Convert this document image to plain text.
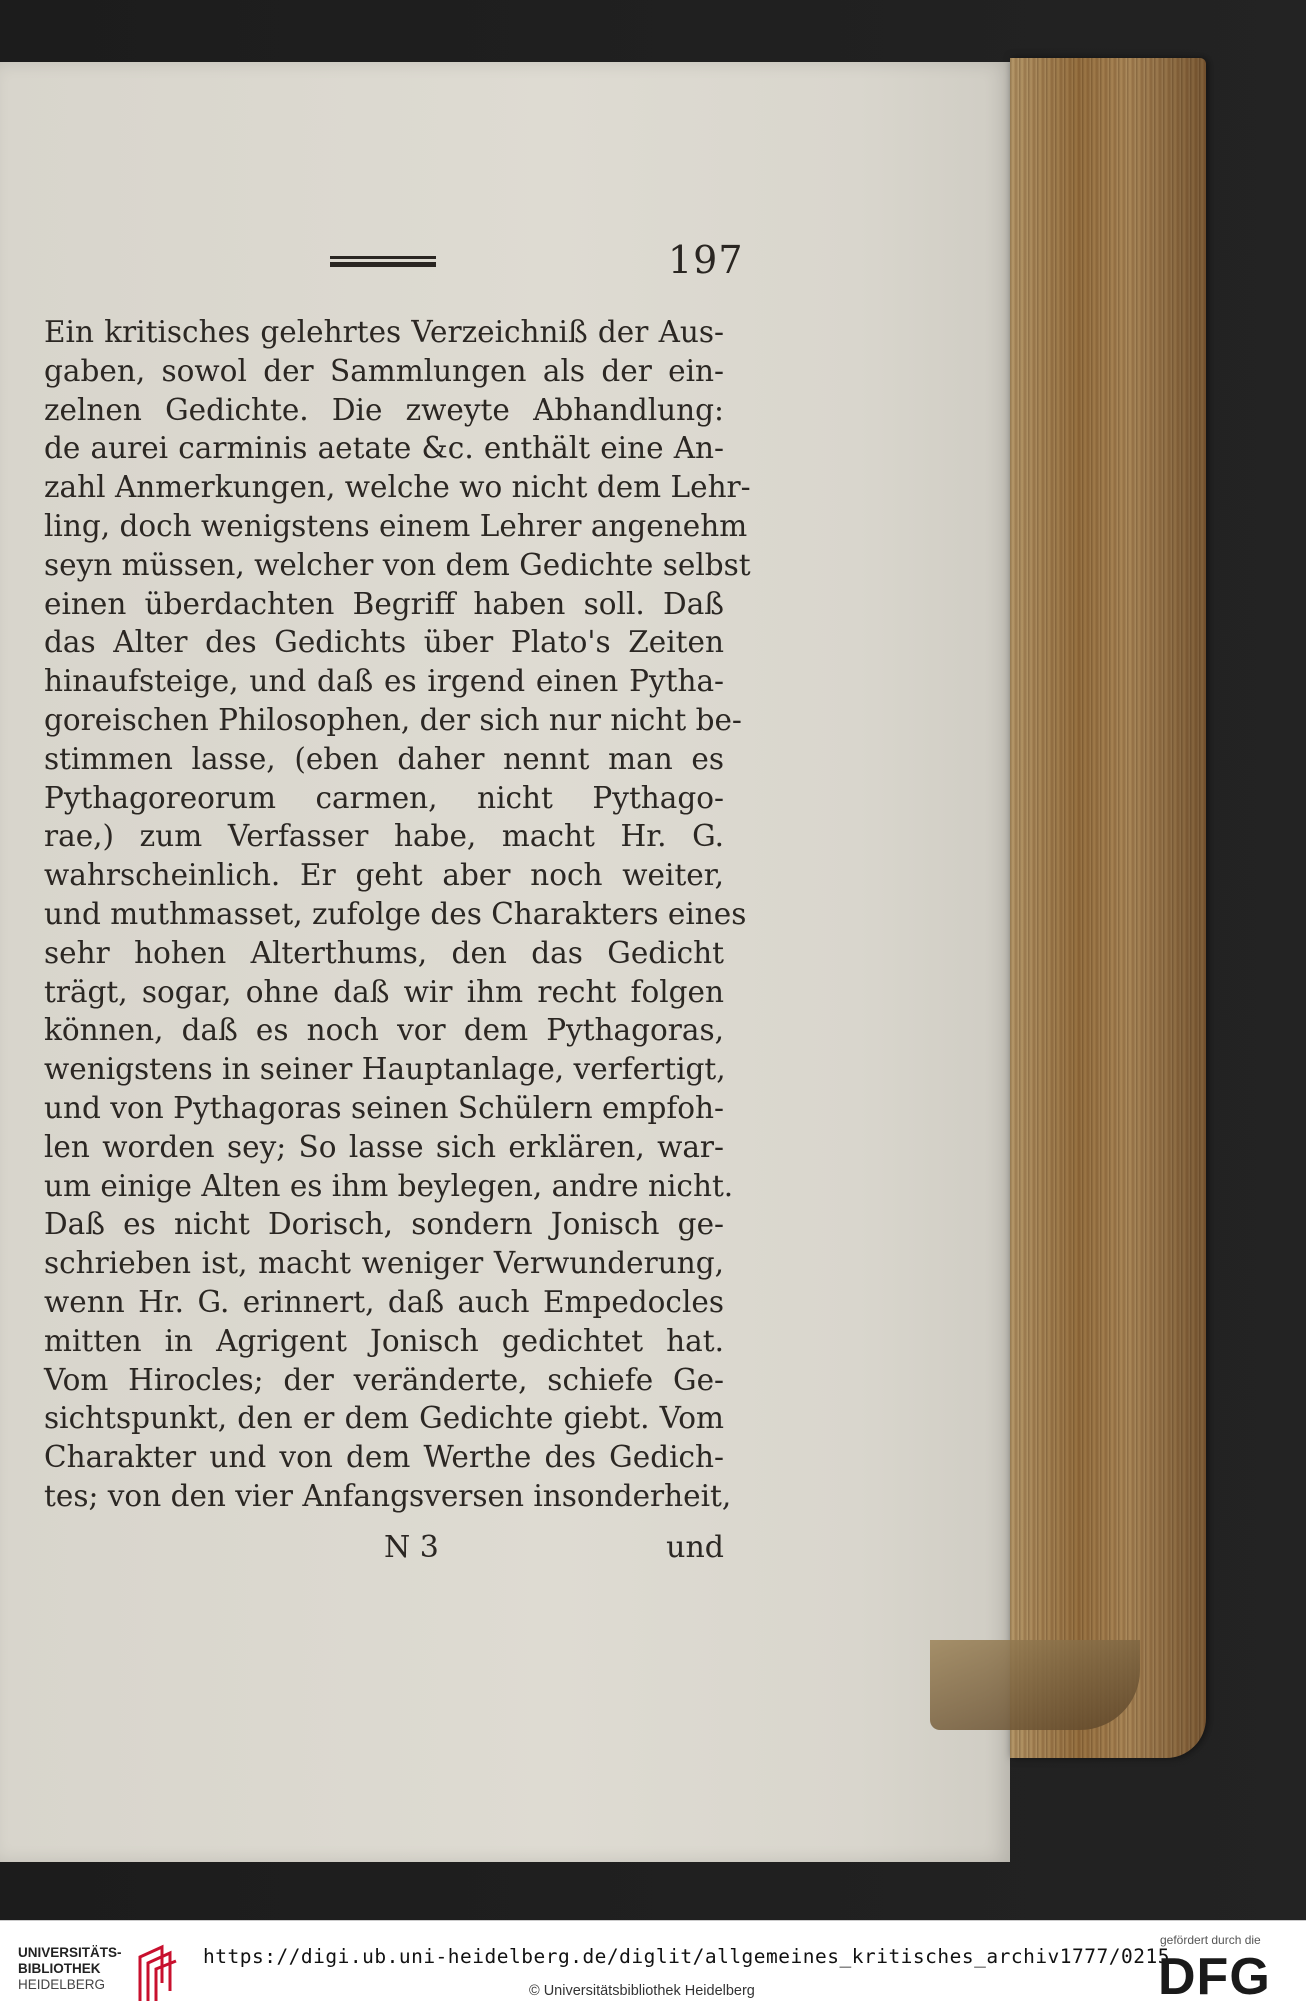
197
Ein kritisches gelehrtes Verzeichniß der Aus-
gaben, sowol der Sammlungen als der ein-
zelnen Gedichte. Die zweyte Abhandlung:
de aurei carminis aetate &c. enthält eine An-
zahl Anmerkungen, welche wo nicht dem Lehr-
ling, doch wenigstens einem Lehrer angenehm
seyn müssen, welcher von dem Gedichte selbst
einen überdachten Begriff haben soll. Daß
das Alter des Gedichts über Plato's Zeiten
hinaufsteige, und daß es irgend einen Pytha-
goreischen Philosophen, der sich nur nicht be-
stimmen lasse, (eben daher nennt man es
Pythagoreorum carmen, nicht Pythago-
rae,) zum Verfasser habe, macht Hr. G.
wahrscheinlich. Er geht aber noch weiter,
und muthmasset, zufolge des Charakters eines
sehr hohen Alterthums, den das Gedicht
trägt, sogar, ohne daß wir ihm recht folgen
können, daß es noch vor dem Pythagoras,
wenigstens in seiner Hauptanlage, verfertigt,
und von Pythagoras seinen Schülern empfoh-
len worden sey; So lasse sich erklären, war-
um einige Alten es ihm beylegen, andre nicht.
Daß es nicht Dorisch, sondern Jonisch ge-
schrieben ist, macht weniger Verwunderung,
wenn Hr. G. erinnert, daß auch Empedocles
mitten in Agrigent Jonisch gedichtet hat.
Vom Hirocles; der veränderte, schiefe Ge-
sichtspunkt, den er dem Gedichte giebt. Vom
Charakter und von dem Werthe des Gedich-
tes; von den vier Anfangsversen insonderheit,
N 3	und
UNIVERSITÄTS-
BIBLIOTHEK
HEIDELBERG
https://digi.ub.uni-heidelberg.de/diglit/allgemeines_kritisches_archiv1777/0215
© Universitätsbibliothek Heidelberg
gefördert durch die
DFG
